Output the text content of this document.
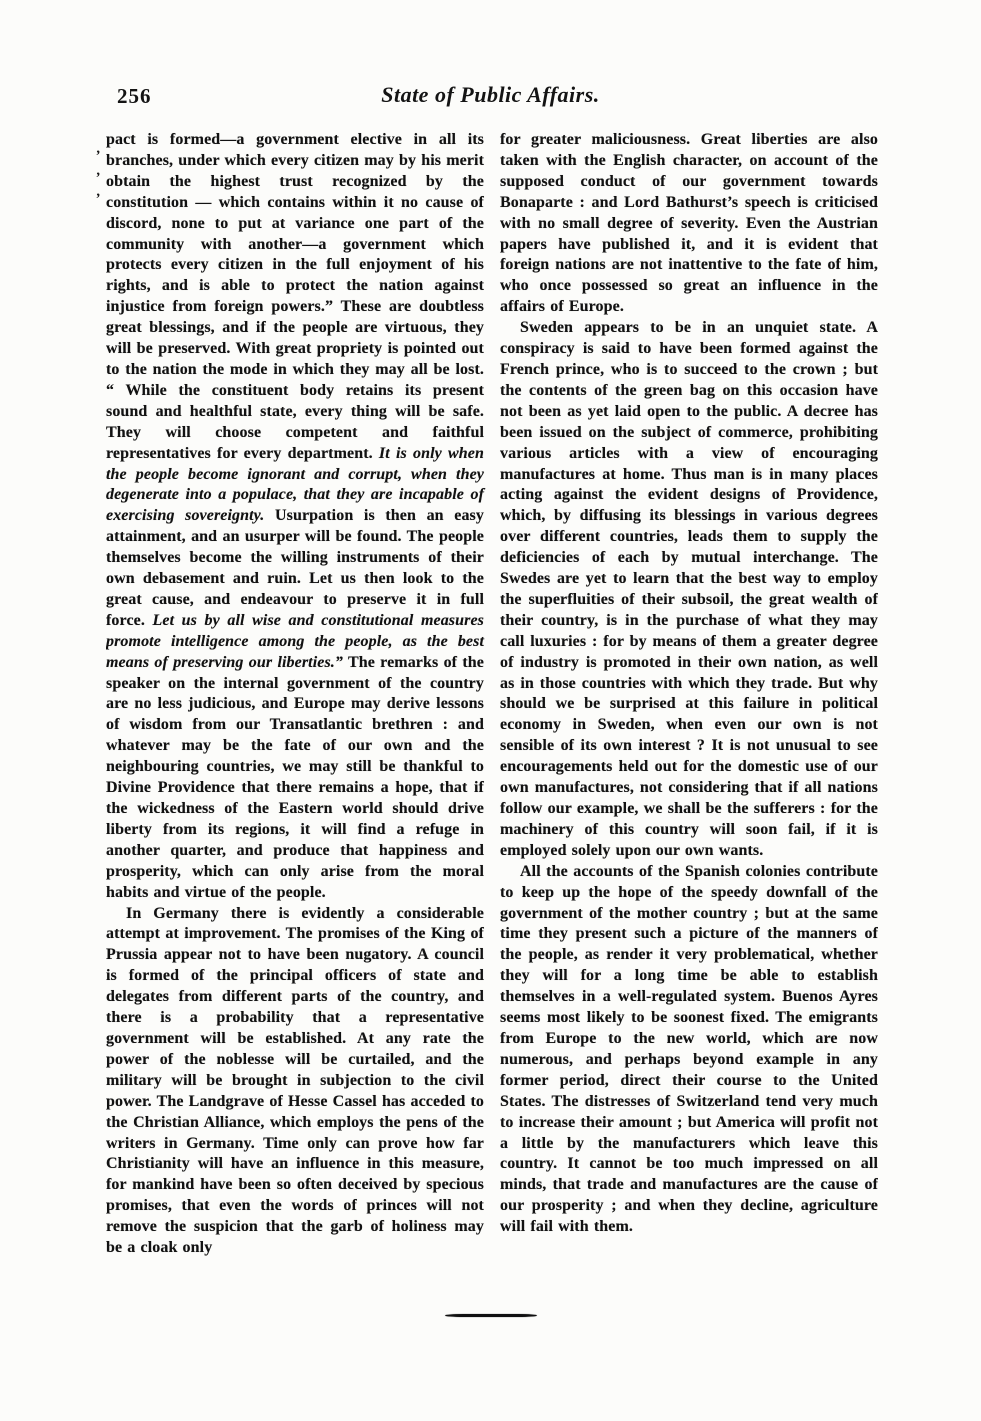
256	State of Public Affairs.
’
’
’

pact is formed—a government elective in all its branches, under which every citizen may by his merit obtain the highest trust recognized by the constitution — which contains within it no cause of discord, none to put at variance one part of the community with another—a government which protects every citizen in the full enjoyment of his rights, and is able to protect the nation against injustice from foreign powers.” These are doubtless great blessings, and if the people are virtuous, they will be preserved. With great propriety is pointed out to the nation the mode in which they may all be lost. “ While the constituent body retains its present sound and healthful state, every thing will be safe. They will choose competent and faithful representatives for every department. It is only when the people become ignorant and corrupt, when they degenerate into a populace, that they are incapable of exercising sovereignty. Usurpation is then an easy attainment, and an usurper will be found. The people themselves become the willing instruments of their own debasement and ruin. Let us then look to the great cause, and endeavour to preserve it in full force. Let us by all wise and constitutional measures promote intelligence among the people, as the best means of preserving our liberties.” The remarks of the speaker on the internal government of the country are no less judicious, and Europe may derive lessons of wisdom from our Transatlantic brethren : and whatever may be the fate of our own and the neighbouring countries, we may still be thankful to Divine Providence that there remains a hope, that if the wickedness of the Eastern world should drive liberty from its regions, it will find a refuge in another quarter, and produce that happiness and prosperity, which can only arise from the moral habits and virtue of the people.

In Germany there is evidently a considerable attempt at improvement. The promises of the King of Prussia appear not to have been nugatory. A council is formed of the principal officers of state and delegates from different parts of the country, and there is a probability that a representative government will be established. At any rate the power of the noblesse will be curtailed, and the military will be brought in subjection to the civil power. The Landgrave of Hesse Cassel has acceded to the Christian Alliance, which employs the pens of the writers in Germany. Time only can prove how far Christianity will have an influence in this measure, for mankind have been so often deceived by specious promises, that even the words of princes will not remove the suspicion that the garb of holiness may be a cloak only

for greater maliciousness. Great liberties are also taken with the English character, on account of the supposed conduct of our government towards Bonaparte : and Lord Bathurst’s speech is criticised with no small degree of severity. Even the Austrian papers have published it, and it is evident that foreign nations are not inattentive to the fate of him, who once possessed so great an influence in the affairs of Europe.

Sweden appears to be in an unquiet state. A conspiracy is said to have been formed against the French prince, who is to succeed to the crown ; but the contents of the green bag on this occasion have not been as yet laid open to the public. A decree has been issued on the subject of commerce, prohibiting various articles with a view of encouraging manufactures at home. Thus man is in many places acting against the evident designs of Providence, which, by diffusing its blessings in various degrees over different countries, leads them to supply the deficiencies of each by mutual interchange. The Swedes are yet to learn that the best way to employ the superfluities of their subsoil, the great wealth of their country, is in the purchase of what they may call luxuries : for by means of them a greater degree of industry is promoted in their own nation, as well as in those countries with which they trade. But why should we be surprised at this failure in political economy in Sweden, when even our own is not sensible of its own interest ? It is not unusual to see encouragements held out for the domestic use of our own manufactures, not considering that if all nations follow our example, we shall be the sufferers : for the machinery of this country will soon fail, if it is employed solely upon our own wants.

All the accounts of the Spanish colonies contribute to keep up the hope of the speedy downfall of the government of the mother country ; but at the same time they present such a picture of the manners of the people, as render it very problematical, whether they will for a long time be able to establish themselves in a well-regulated system. Buenos Ayres seems most likely to be soonest fixed. The emigrants from Europe to the new world, which are now numerous, and perhaps beyond example in any former period, direct their course to the United States. The distresses of Switzerland tend very much to increase their amount ; but America will profit not a little by the manufacturers which leave this country. It cannot be too much impressed on all minds, that trade and manufactures are the cause of our prosperity ; and when they decline, agriculture will fail with them.
